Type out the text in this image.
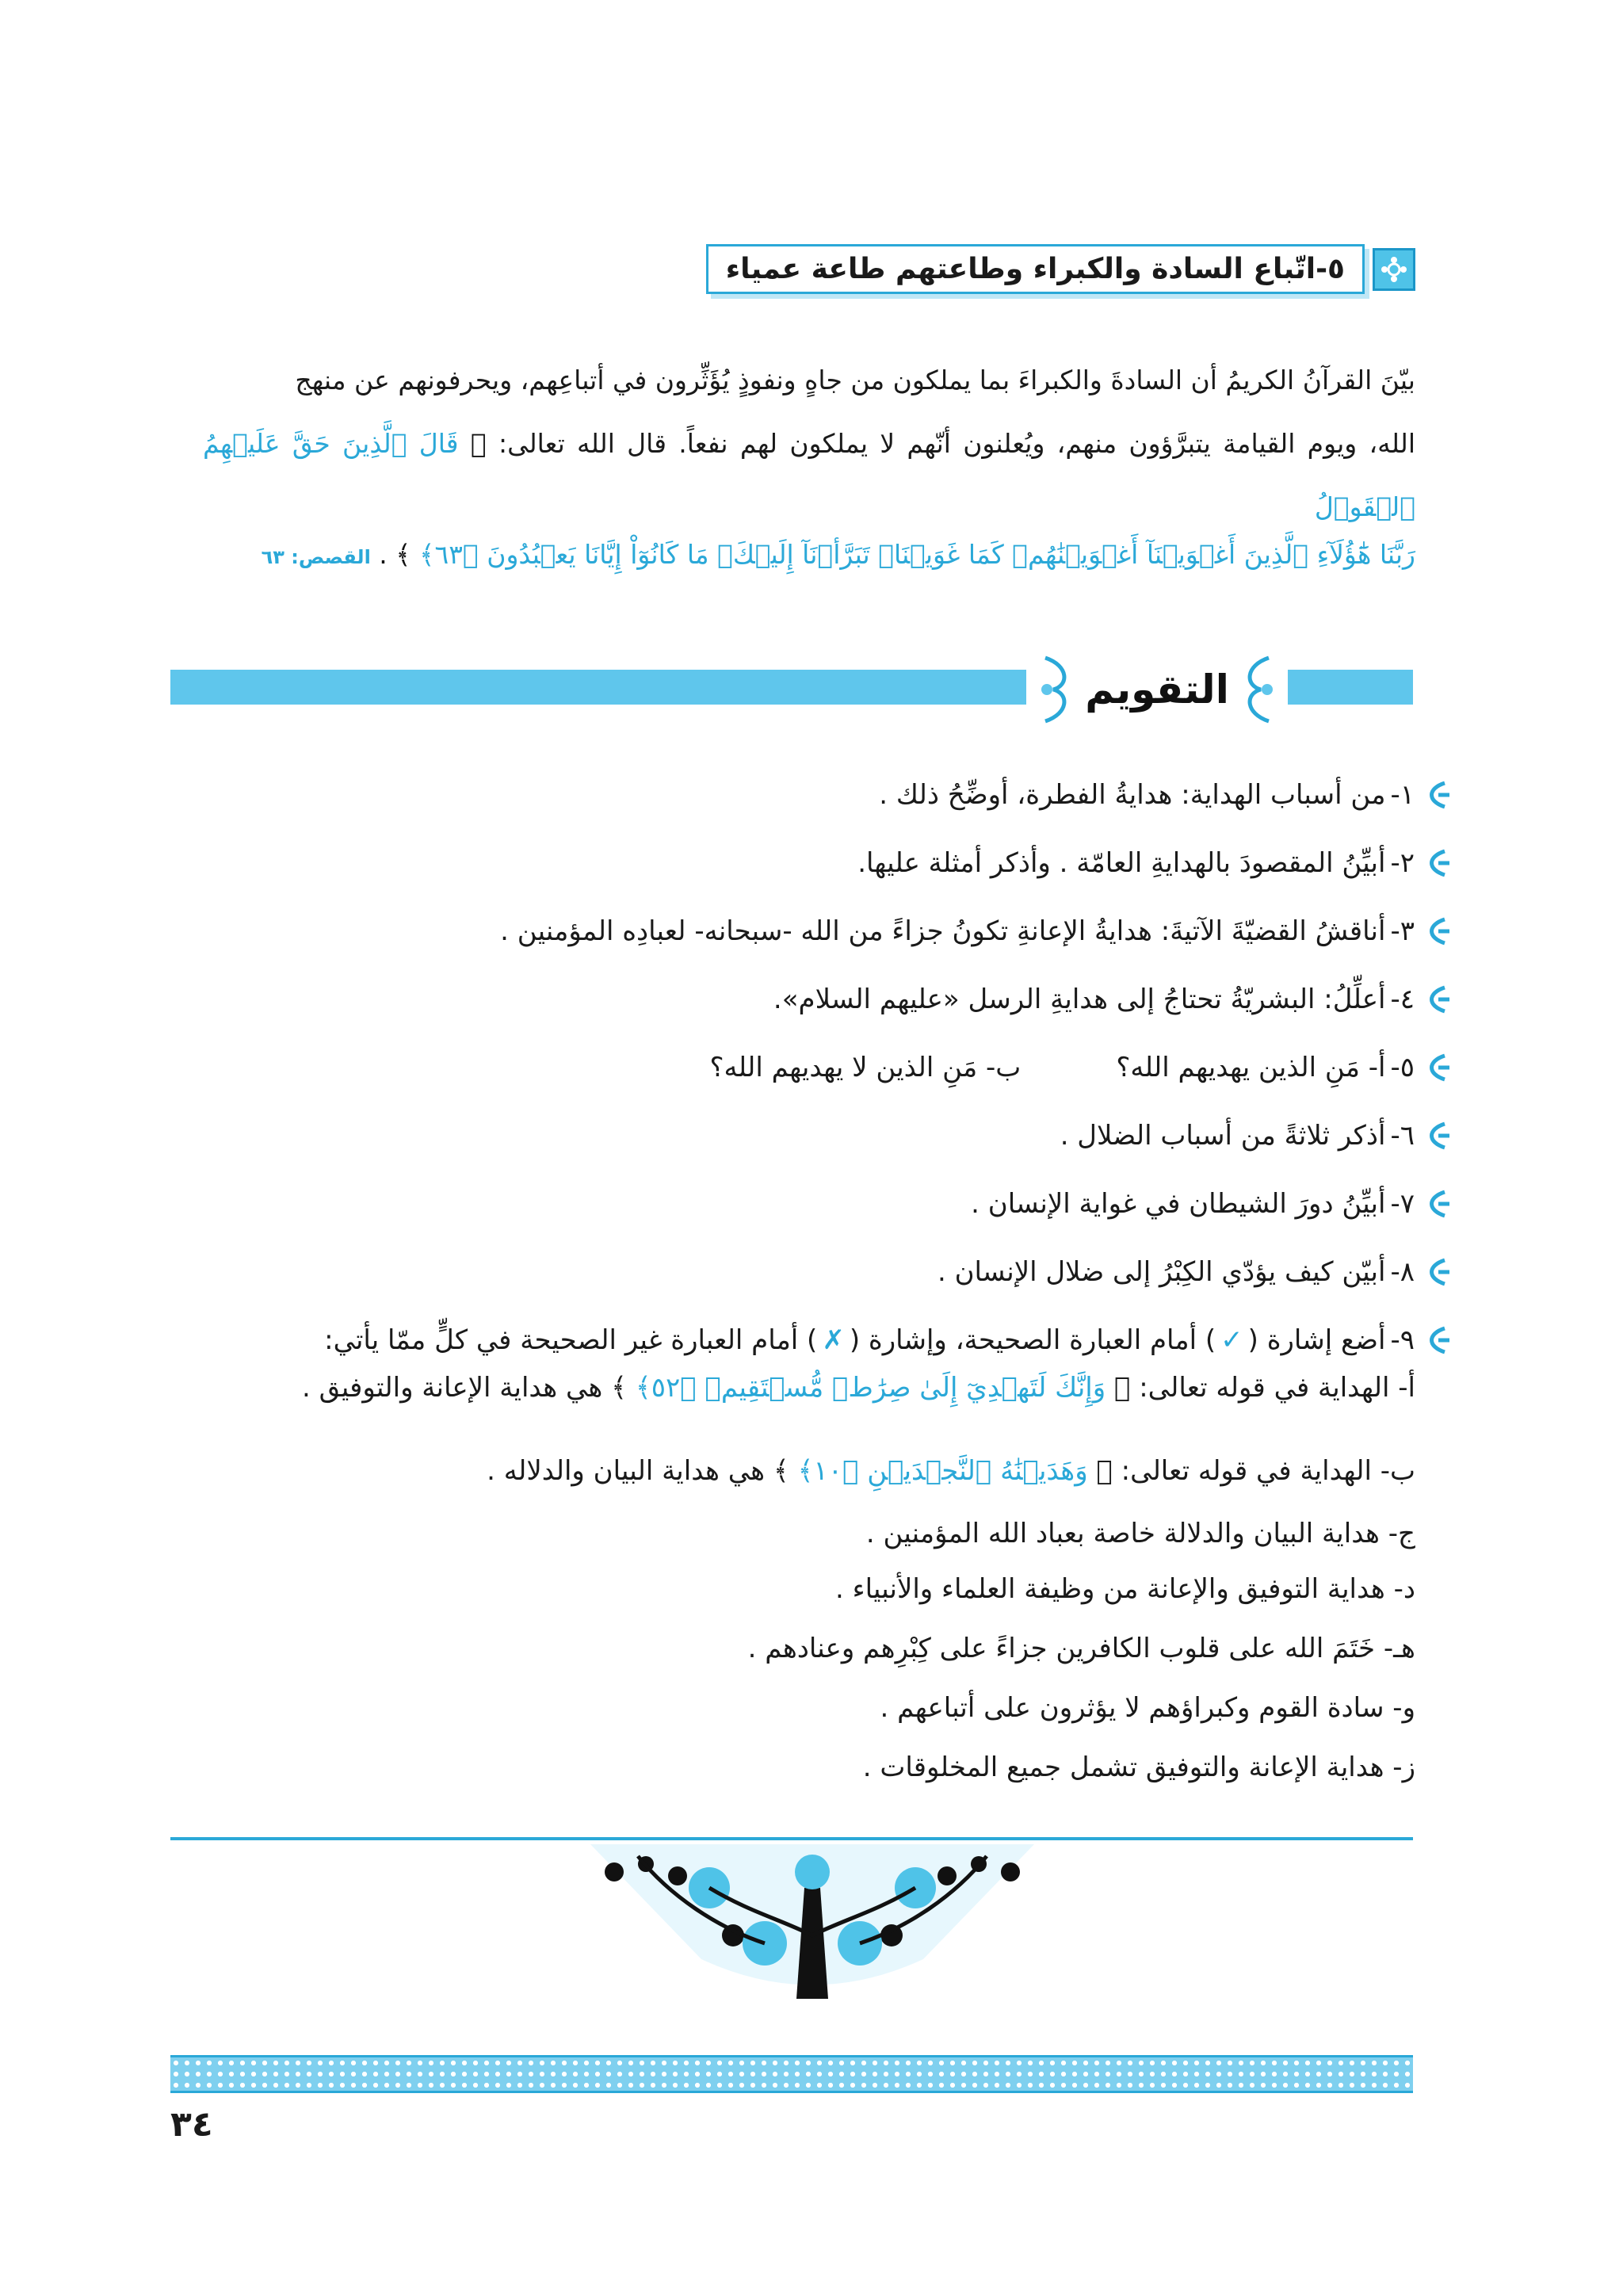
٥-اتّباع السادة والكبراء وطاعتهم طاعة عمياء
بيّنَ القرآنُ الكريمُ أن السادةَ والكبراءَ بما يملكون من جاهٍ ونفوذٍ يُؤَثِّرون في أتباعِهم، ويحرفونهم عن منهج
الله، ويوم القيامة يتبرَّؤون منهم، ويُعلنون أنّهم لا يملكون لهم نفعاً. قال الله تعالى: ﴿ قَالَ ٱلَّذِينَ حَقَّ عَلَيۡهِمُ ٱلۡقَوۡلُ
رَبَّنَا هَٰٓؤُلَآءِ ٱلَّذِينَ أَغۡوَيۡنَآ أَغۡوَيۡنَٰهُمۡ كَمَا غَوَيۡنَاۖ تَبَرَّأۡنَآ إِلَيۡكَۖ مَا كَانُوٓاْ إِيَّانَا يَعۡبُدُونَ ﴿٦٣﴾ ﴾ . القصص: ٦٣
التقويم
١-
من أسباب الهداية: هدايةُ الفطرة، أوضِّحُ ذلك .
٢-
أبيِّنُ المقصودَ بالهدايةِ العامّة . وأذكر أمثلة عليها.
٣-
أناقشُ القضيّةَ الآتيةَ: هدايةُ الإعانةِ تكونُ جزاءً من الله -سبحانه- لعبادِه المؤمنين .
٤-
أعلِّلُ: البشريّةُ تحتاجُ إلى هدايةِ الرسل «عليهم السلام».
٥-
أ- مَنِ الذين يهديهم الله؟
ب- مَنِ الذين لا يهديهم الله؟
٦-
أذكر ثلاثةً من أسباب الضلال .
٧-
أبيِّنُ دورَ الشيطان في غواية الإنسان .
٨-
أبيّن كيف يؤدّي الكِبْرُ إلى ضلال الإنسان .
٩-
أضع إشارة (
✓
) أمام العبارة الصحيحة، وإشارة (
✗
) أمام العبارة غير الصحيحة في كلٍّ ممّا يأتي:
أ- الهداية في قوله تعالى: ﴿ وَإِنَّكَ لَتَهۡدِيٓ إِلَىٰ صِرَٰطٖ مُّسۡتَقِيمٖ ﴿٥٢﴾ ﴾ هي هداية الإعانة والتوفيق .
ب- الهداية في قوله تعالى: ﴿ وَهَدَيۡنَٰهُ ٱلنَّجۡدَيۡنِ ﴿١٠﴾ ﴾ هي هداية البيان والدلاله .
ج- هداية البيان والدلالة خاصة بعباد الله المؤمنين .
د- هداية التوفيق والإعانة من وظيفة العلماء والأنبياء .
هـ- خَتَمَ الله على قلوب الكافرين جزاءً على كِبْرِهم وعنادهم .
و- سادة القوم وكبراؤهم لا يؤثرون على أتباعهم .
ز- هداية الإعانة والتوفيق تشمل جميع المخلوقات .
٣٤
